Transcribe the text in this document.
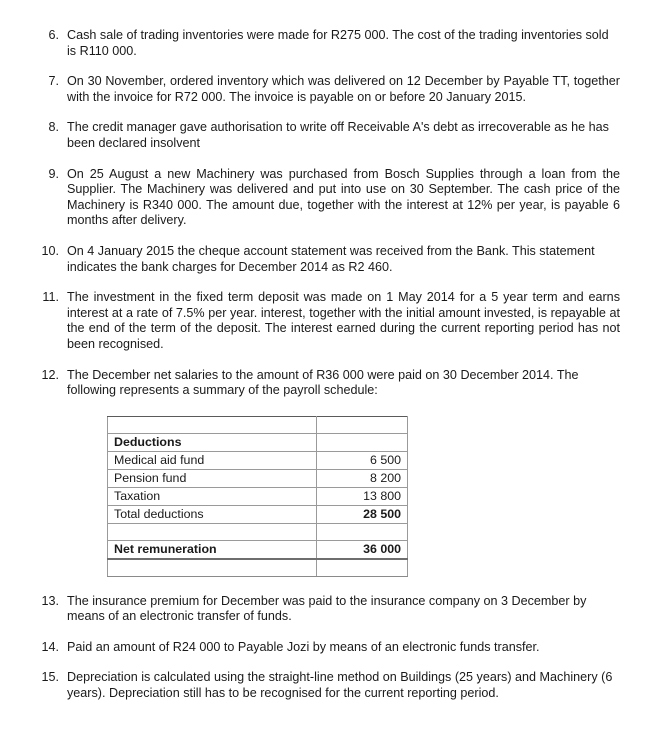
6. Cash sale of trading inventories were made for R275 000. The cost of the trading inventories sold is R110 000.
7. On 30 November, ordered inventory which was delivered on 12 December by Payable TT, together with the invoice for R72 000. The invoice is payable on or before 20 January 2015.
8. The credit manager gave authorisation to write off Receivable A's debt as irrecoverable as he has been declared insolvent
9. On 25 August a new Machinery was purchased from Bosch Supplies through a loan from the Supplier. The Machinery was delivered and put into use on 30 September. The cash price of the Machinery is R340 000. The amount due, together with the interest at 12% per year, is payable 6 months after delivery.
10. On 4 January 2015 the cheque account statement was received from the Bank. This statement indicates the bank charges for December 2014 as R2 460.
11. The investment in the fixed term deposit was made on 1 May 2014 for a 5 year term and earns interest at a rate of 7.5% per year. interest, together with the initial amount invested, is repayable at the end of the term of the deposit. The interest earned during the current reporting period has not been recognised.
12. The December net salaries to the amount of R36 000 were paid on 30 December 2014. The following represents a summary of the payroll schedule:

Deductions	
Medical aid fund	6 500
Pension fund	8 200
Taxation	13 800
Total deductions	28 500

Net remuneration	36 000

13. The insurance premium for December was paid to the insurance company on 3 December by means of an electronic transfer of funds.
14. Paid an amount of R24 000 to Payable Jozi by means of an electronic funds transfer.
15. Depreciation is calculated using the straight-line method on Buildings (25 years) and Machinery (6 years). Depreciation still has to be recognised for the current reporting period.
